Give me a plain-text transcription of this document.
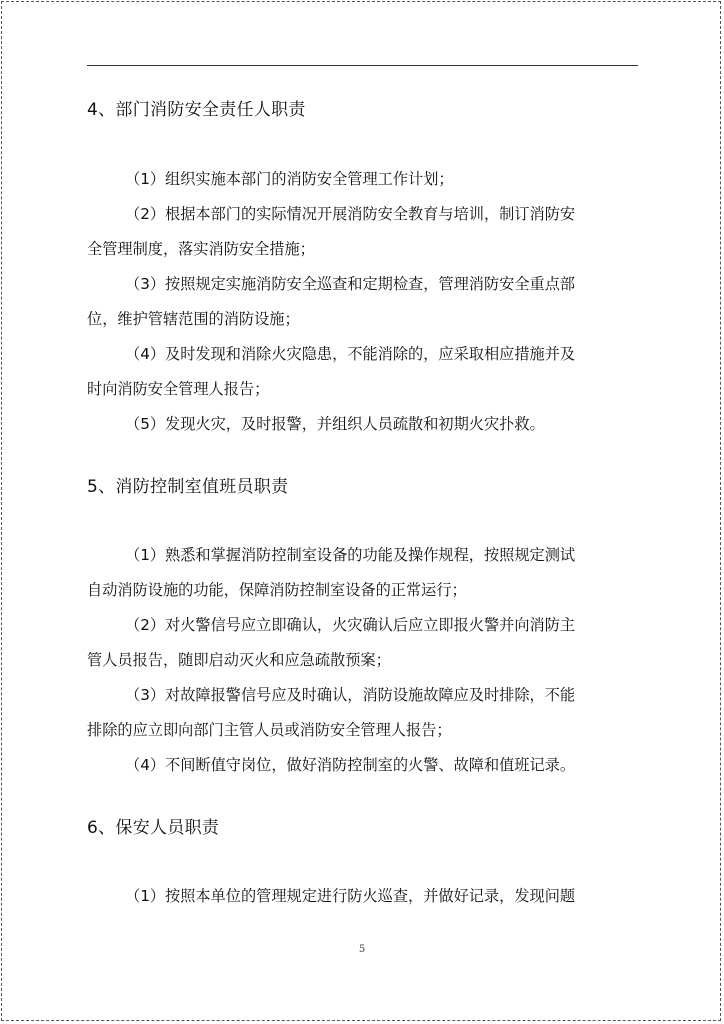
4、部门消防安全责任人职责
（1）组织实施本部门的消防安全管理工作计划；
（2）根据本部门的实际情况开展消防安全教育与培训，制订消防安
全管理制度，落实消防安全措施；
（3）按照规定实施消防安全巡查和定期检查，管理消防安全重点部
位，维护管辖范围的消防设施；
（4）及时发现和消除火灾隐患，不能消除的，应采取相应措施并及
时向消防安全管理人报告；
（5）发现火灾，及时报警，并组织人员疏散和初期火灾扑救。
5、消防控制室值班员职责
（1）熟悉和掌握消防控制室设备的功能及操作规程，按照规定测试
自动消防设施的功能，保障消防控制室设备的正常运行；
（2）对火警信号应立即确认，火灾确认后应立即报火警并向消防主
管人员报告，随即启动灭火和应急疏散预案；
（3）对故障报警信号应及时确认，消防设施故障应及时排除，不能
排除的应立即向部门主管人员或消防安全管理人报告；
（4）不间断值守岗位，做好消防控制室的火警、故障和值班记录。
6、保安人员职责
（1）按照本单位的管理规定进行防火巡查，并做好记录，发现问题
5
